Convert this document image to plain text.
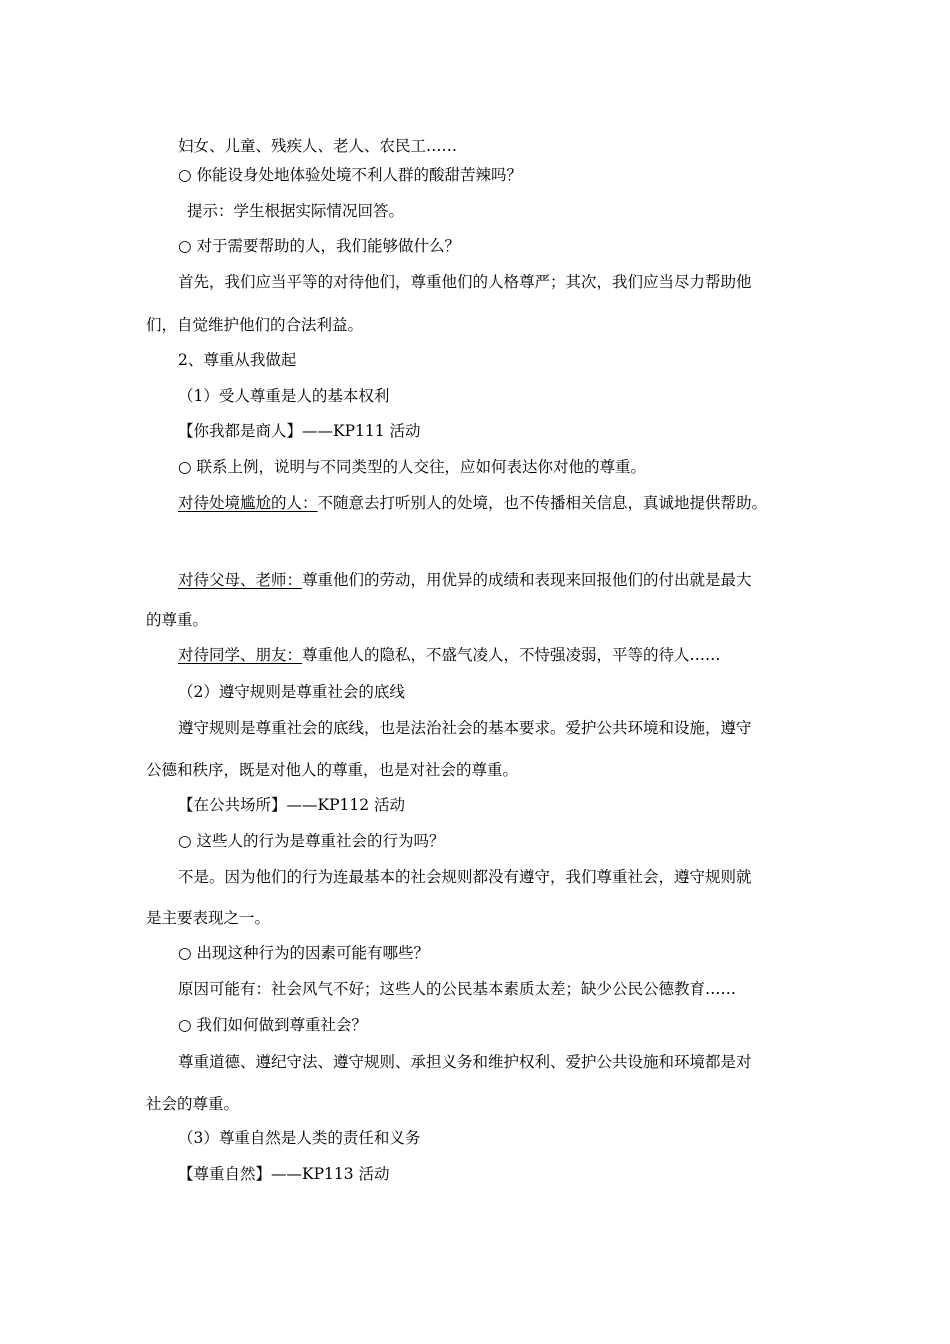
妇女、儿童、残疾人、老人、农民工……
○ 你能设身处地体验处境不利人群的酸甜苦辣吗？
提示：学生根据实际情况回答。
○ 对于需要帮助的人，我们能够做什么？
首先，我们应当平等的对待他们，尊重他们的人格尊严；其次，我们应当尽力帮助他
们，自觉维护他们的合法利益。
2、尊重从我做起
（1）受人尊重是人的基本权利
【你我都是商人】——KP111 活动
○ 联系上例，说明与不同类型的人交往，应如何表达你对他的尊重。
对待处境尴尬的人：不随意去打听别人的处境，也不传播相关信息，真诚地提供帮助。
对待父母、老师：尊重他们的劳动，用优异的成绩和表现来回报他们的付出就是最大
的尊重。
对待同学、朋友：尊重他人的隐私，不盛气凌人，不恃强凌弱，平等的待人……
（2）遵守规则是尊重社会的底线
遵守规则是尊重社会的底线，也是法治社会的基本要求。爱护公共环境和设施，遵守
公德和秩序，既是对他人的尊重，也是对社会的尊重。
【在公共场所】——KP112 活动
○ 这些人的行为是尊重社会的行为吗？
不是。因为他们的行为连最基本的社会规则都没有遵守，我们尊重社会，遵守规则就
是主要表现之一。
○ 出现这种行为的因素可能有哪些？
原因可能有：社会风气不好；这些人的公民基本素质太差；缺少公民公德教育……
○ 我们如何做到尊重社会？
尊重道德、遵纪守法、遵守规则、承担义务和维护权利、爱护公共设施和环境都是对
社会的尊重。
（3）尊重自然是人类的责任和义务
【尊重自然】——KP113 活动
